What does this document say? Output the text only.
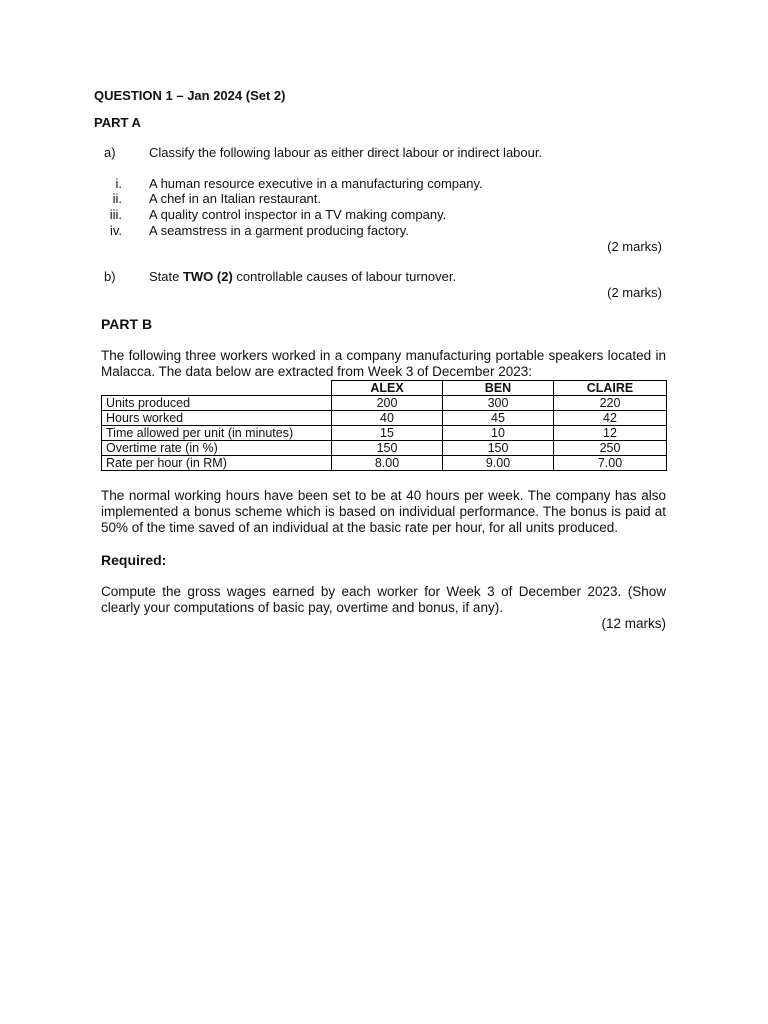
QUESTION 1 – Jan 2024 (Set 2)
PART A
a)	Classify the following labour as either direct labour or indirect labour.
i. A human resource executive in a manufacturing company.
ii. A chef in an Italian restaurant.
iii. A quality control inspector in a TV making company.
iv. A seamstress in a garment producing factory.
(2 marks)
b)	State TWO (2) controllable causes of labour turnover.
(2 marks)
PART B
The following three workers worked in a company manufacturing portable speakers located in Malacca. The data below are extracted from Week 3 of December 2023:
	ALEX	BEN	CLAIRE
Units produced	200	300	220
Hours worked	40	45	42
Time allowed per unit (in minutes)	15	10	12
Overtime rate (in %)	150	150	250
Rate per hour (in RM)	8.00	9.00	7.00
The normal working hours have been set to be at 40 hours per week. The company has also implemented a bonus scheme which is based on individual performance. The bonus is paid at 50% of the time saved of an individual at the basic rate per hour, for all units produced.
Required:
Compute the gross wages earned by each worker for Week 3 of December 2023. (Show clearly your computations of basic pay, overtime and bonus, if any).
(12 marks)
